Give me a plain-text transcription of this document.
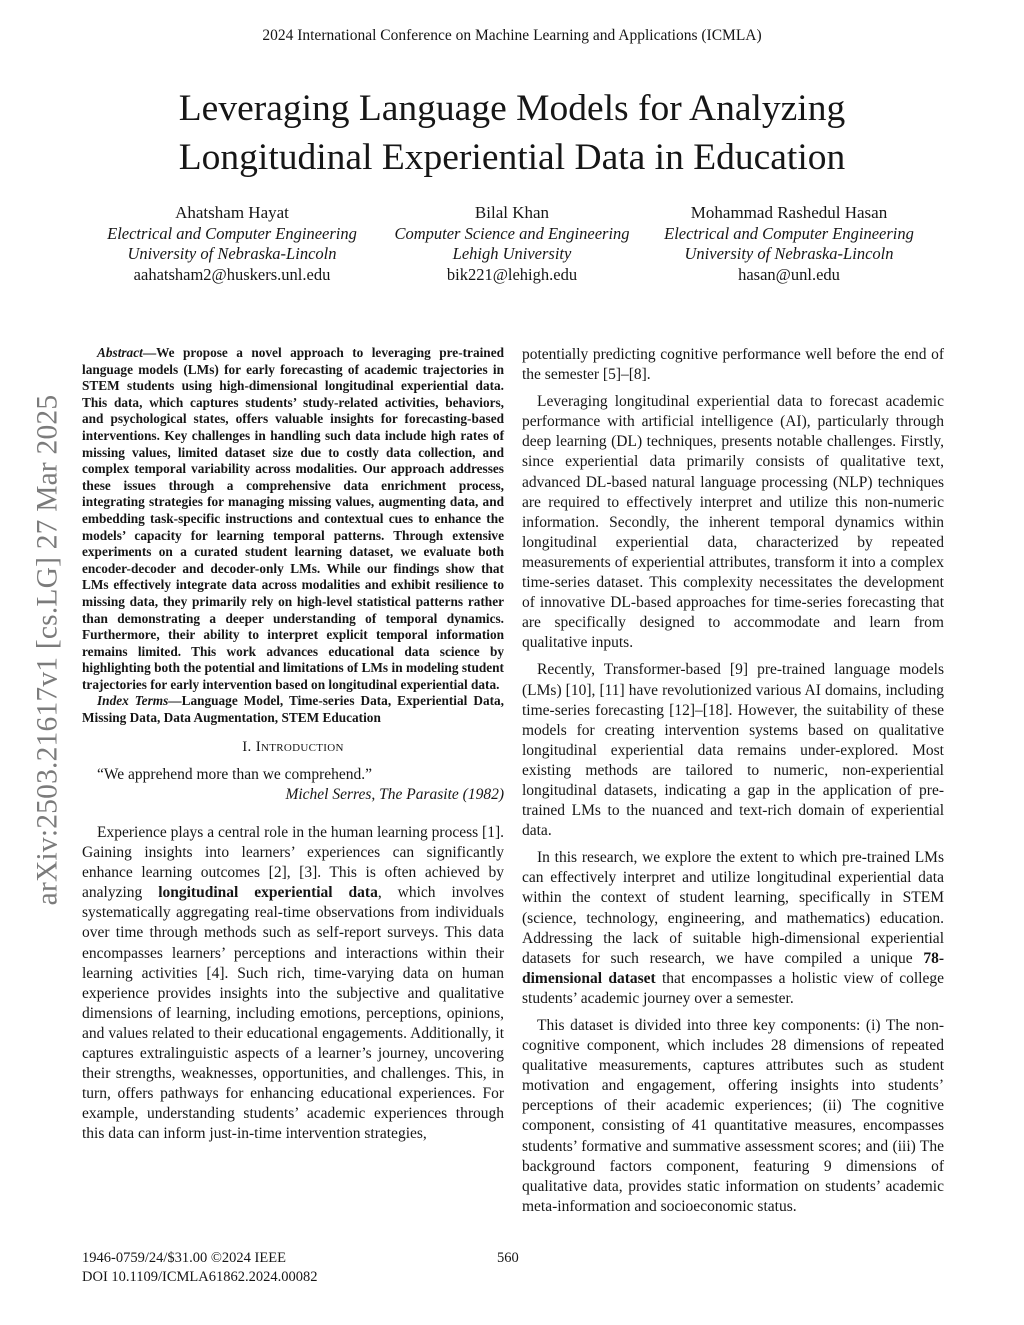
2024 International Conference on Machine Learning and Applications (ICMLA)
Leveraging Language Models for Analyzing
Longitudinal Experiential Data in Education
Ahatsham Hayat
Electrical and Computer Engineering
University of Nebraska-Lincoln
aahatsham2@huskers.unl.edu
Bilal Khan
Computer Science and Engineering
Lehigh University
bik221@lehigh.edu
Mohammad Rashedul Hasan
Electrical and Computer Engineering
University of Nebraska-Lincoln
hasan@unl.edu
arXiv:2503.21617v1 [cs.LG] 27 Mar 2025

Abstract—We propose a novel approach to leveraging pre-trained language models (LMs) for early forecasting of academic trajectories in STEM students using high-dimensional longitudinal experiential data. This data, which captures students’ study-related activities, behaviors, and psychological states, offers valuable insights for forecasting-based interventions. Key challenges in handling such data include high rates of missing values, limited dataset size due to costly data collection, and complex temporal variability across modalities. Our approach addresses these issues through a comprehensive data enrichment process, integrating strategies for managing missing values, augmenting data, and embedding task-specific instructions and contextual cues to enhance the models’ capacity for learning temporal patterns. Through extensive experiments on a curated student learning dataset, we evaluate both encoder-decoder and decoder-only LMs. While our findings show that LMs effectively integrate data across modalities and exhibit resilience to missing data, they primarily rely on high-level statistical patterns rather than demonstrating a deeper understanding of temporal dynamics. Furthermore, their ability to interpret explicit temporal information remains limited. This work advances educational data science by highlighting both the potential and limitations of LMs in modeling student trajectories for early intervention based on longitudinal experiential data.

Index Terms—Language Model, Time-series Data, Experiential Data, Missing Data, Data Augmentation, STEM Education

I. Introduction

“We apprehend more than we comprehend.”

Michel Serres, The Parasite (1982)

Experience plays a central role in the human learning process [1]. Gaining insights into learners’ experiences can significantly enhance learning outcomes [2], [3]. This is often achieved by analyzing longitudinal experiential data, which involves systematically aggregating real-time observations from individuals over time through methods such as self-report surveys. This data encompasses learners’ perceptions and interactions within their learning activities [4]. Such rich, time-varying data on human experience provides insights into the subjective and qualitative dimensions of learning, including emotions, perceptions, opinions, and values related to their educational engagements. Additionally, it captures extralinguistic aspects of a learner’s journey, uncovering their strengths, weaknesses, opportunities, and challenges. This, in turn, offers pathways for enhancing educational experiences. For example, understanding students’ academic experiences through this data can inform just-in-time intervention strategies,

potentially predicting cognitive performance well before the end of the semester [5]–[8].

Leveraging longitudinal experiential data to forecast academic performance with artificial intelligence (AI), particularly through deep learning (DL) techniques, presents notable challenges. Firstly, since experiential data primarily consists of qualitative text, advanced DL-based natural language processing (NLP) techniques are required to effectively interpret and utilize this non-numeric information. Secondly, the inherent temporal dynamics within longitudinal experiential data, characterized by repeated measurements of experiential attributes, transform it into a complex time-series dataset. This complexity necessitates the development of innovative DL-based approaches for time-series forecasting that are specifically designed to accommodate and learn from qualitative inputs.

Recently, Transformer-based [9] pre-trained language models (LMs) [10], [11] have revolutionized various AI domains, including time-series forecasting [12]–[18]. However, the suitability of these models for creating intervention systems based on qualitative longitudinal experiential data remains under-explored. Most existing methods are tailored to numeric, non-experiential longitudinal datasets, indicating a gap in the application of pre-trained LMs to the nuanced and text-rich domain of experiential data.

In this research, we explore the extent to which pre-trained LMs can effectively interpret and utilize longitudinal experiential data within the context of student learning, specifically in STEM (science, technology, engineering, and mathematics) education. Addressing the lack of suitable high-dimensional experiential datasets for such research, we have compiled a unique 78-dimensional dataset that encompasses a holistic view of college students’ academic journey over a semester.

This dataset is divided into three key components: (i) The non-cognitive component, which includes 28 dimensions of repeated qualitative measurements, captures attributes such as student motivation and engagement, offering insights into students’ perceptions of their academic experiences; (ii) The cognitive component, consisting of 41 quantitative measures, encompasses students’ formative and summative assessment scores; and (iii) The background factors component, featuring 9 dimensions of qualitative data, provides static information on students’ academic meta-information and socioeconomic status.

1946-0759/24/$31.00 ©2024 IEEE
DOI 10.1109/ICMLA61862.2024.00082
560
